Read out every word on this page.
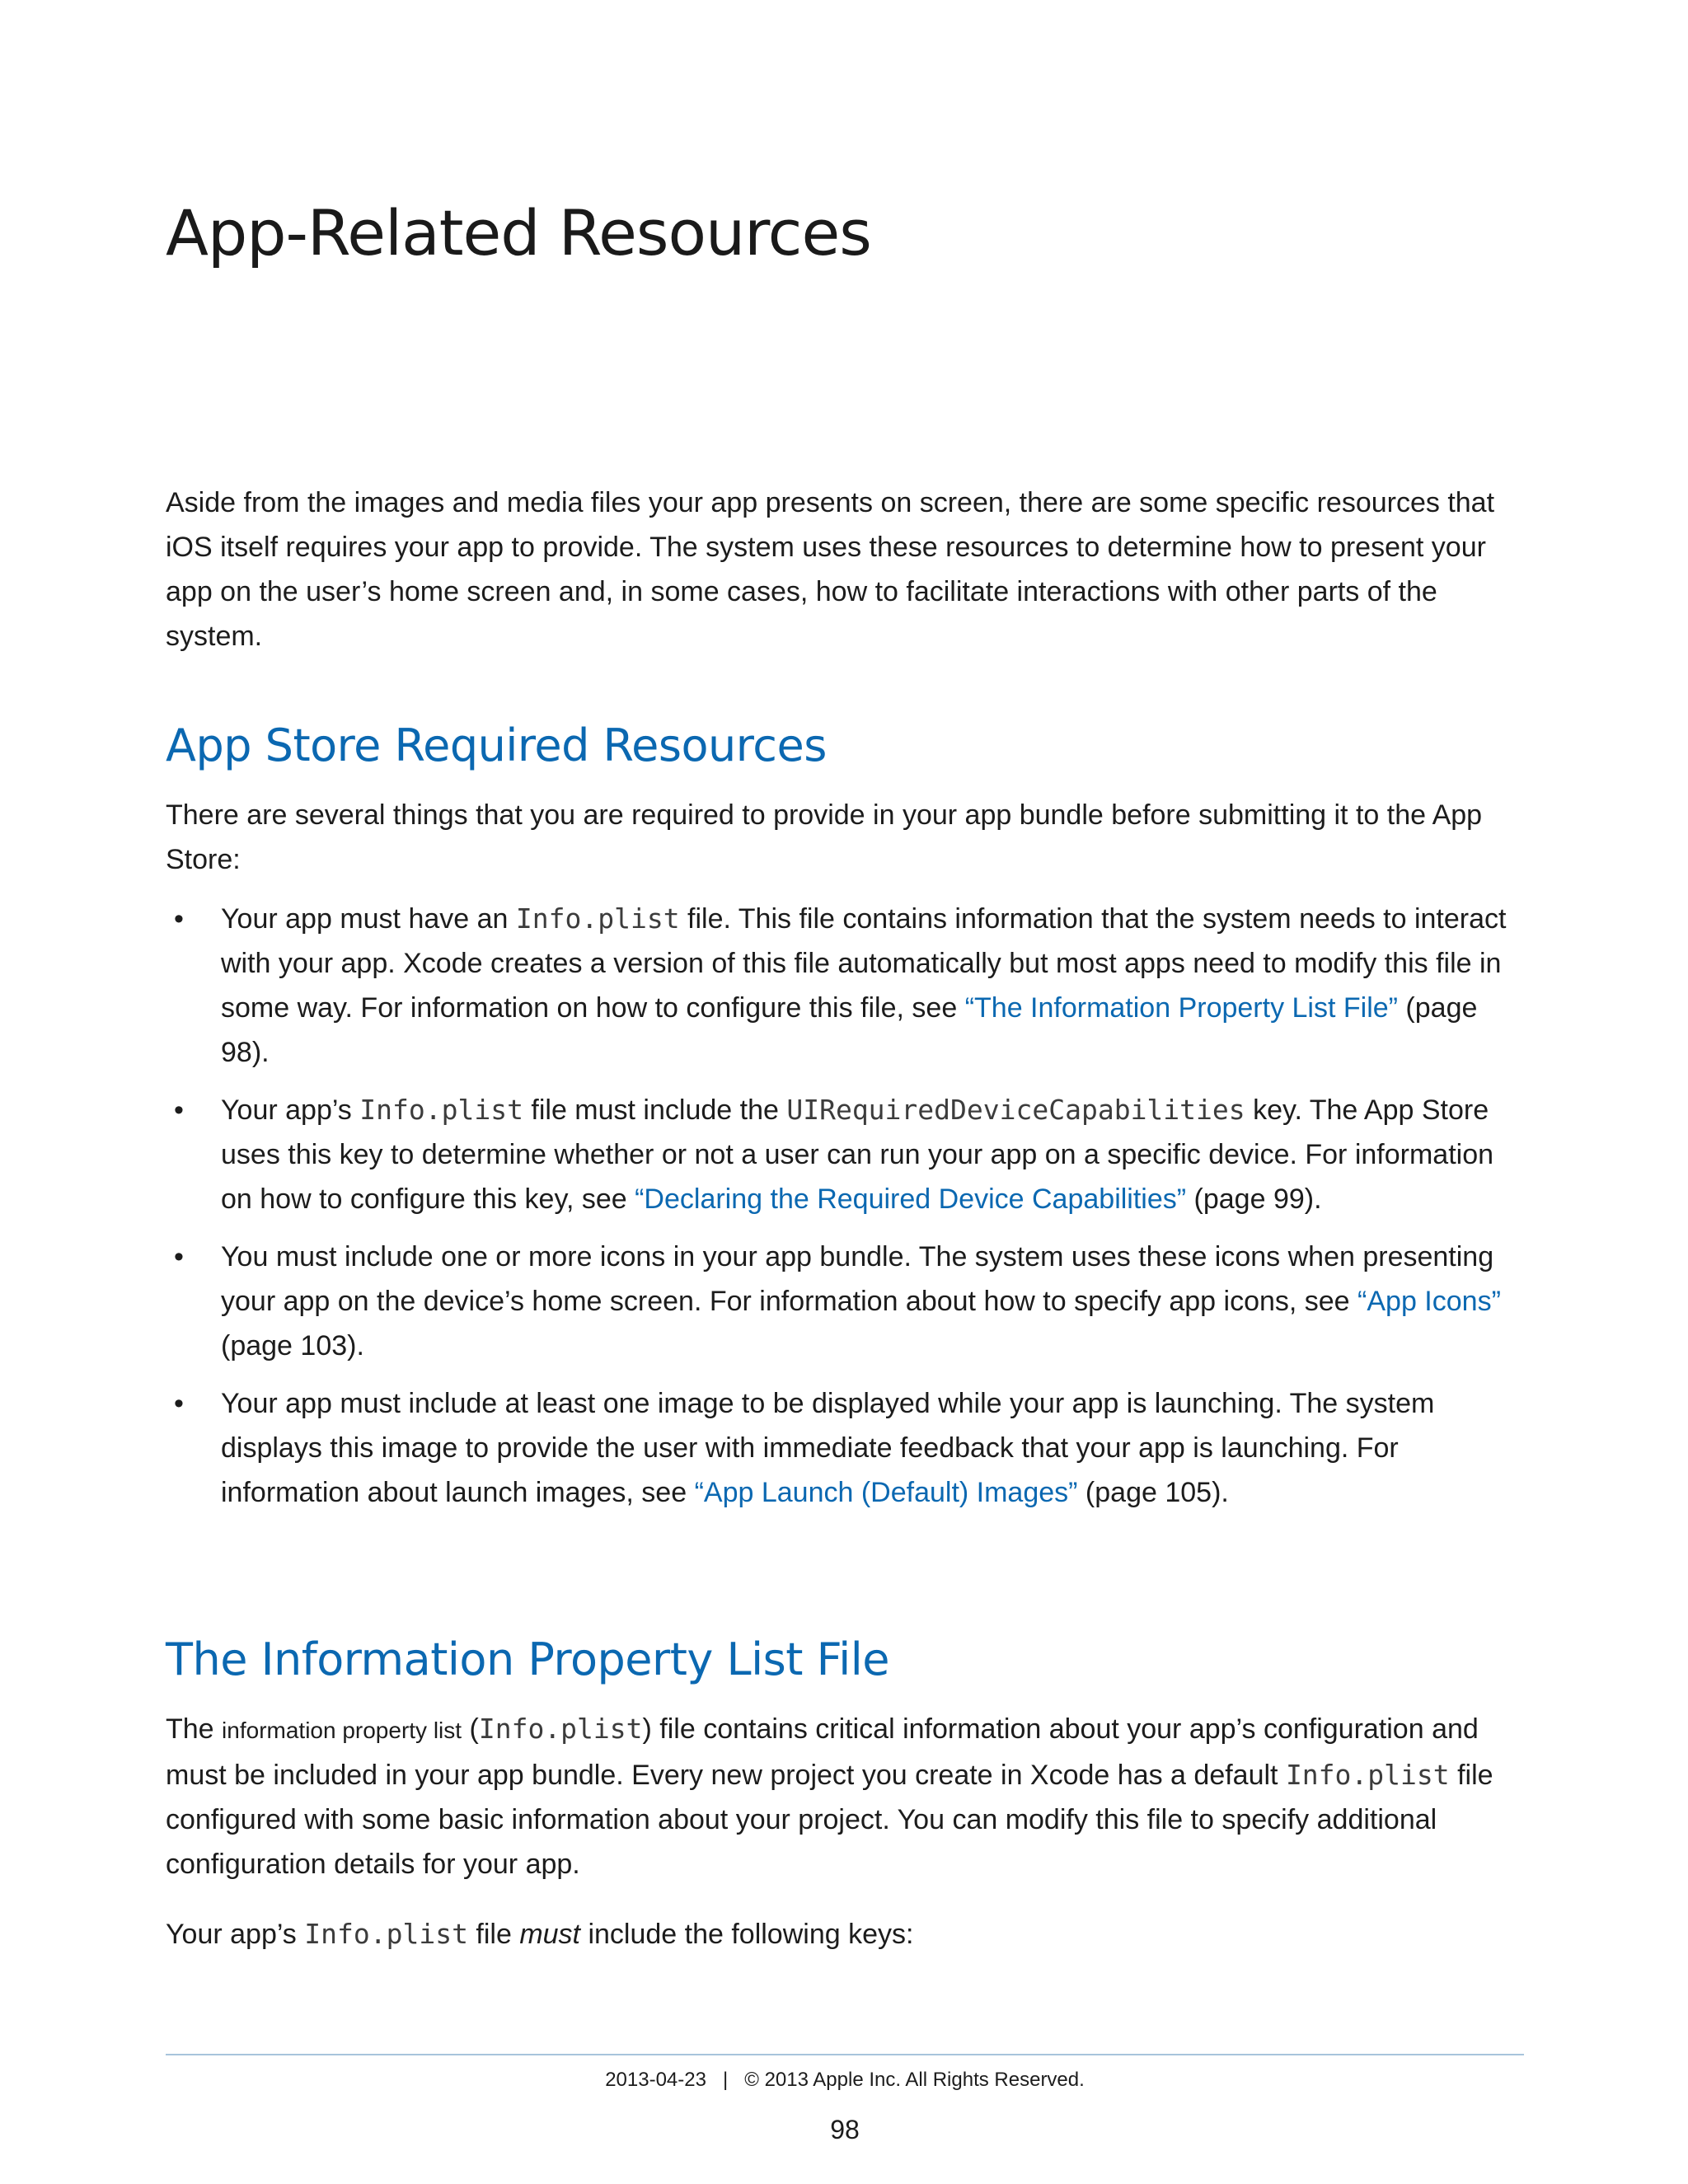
App-Related Resources

Aside from the images and media files your app presents on screen, there are some specific resources that iOS itself requires your app to provide. The system uses these resources to determine how to present your app on the user’s home screen and, in some cases, how to facilitate interactions with other parts of the system.

App Store Required Resources

There are several things that you are required to provide in your app bundle before submitting it to the App Store:

• Your app must have an Info.plist file. This file contains information that the system needs to interact with your app. Xcode creates a version of this file automatically but most apps need to modify this file in some way. For information on how to configure this file, see “The Information Property List File” (page 98).
• Your app’s Info.plist file must include the UIRequiredDeviceCapabilities key. The App Store uses this key to determine whether or not a user can run your app on a specific device. For information on how to configure this key, see “Declaring the Required Device Capabilities” (page 99).
• You must include one or more icons in your app bundle. The system uses these icons when presenting your app on the device’s home screen. For information about how to specify app icons, see “App Icons” (page 103).
• Your app must include at least one image to be displayed while your app is launching. The system displays this image to provide the user with immediate feedback that your app is launching. For information about launch images, see “App Launch (Default) Images” (page 105).
The Information Property List File

The information property list (Info.plist) file contains critical information about your app’s configuration and must be included in your app bundle. Every new project you create in Xcode has a default Info.plist file configured with some basic information about your project. You can modify this file to specify additional configuration details for your app.

Your app’s Info.plist file must include the following keys:

2013-04-23   |   © 2013 Apple Inc. All Rights Reserved.
98
